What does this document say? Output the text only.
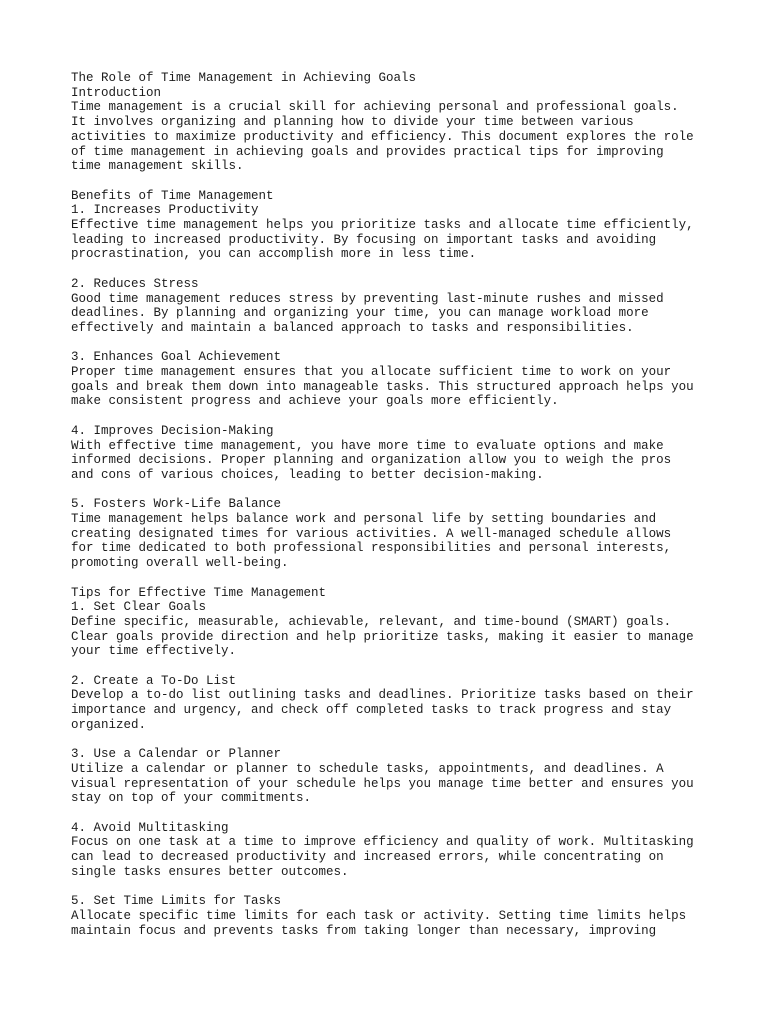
The Role of Time Management in Achieving Goals
Introduction
Time management is a crucial skill for achieving personal and professional goals.
It involves organizing and planning how to divide your time between various
activities to maximize productivity and efficiency. This document explores the role
of time management in achieving goals and provides practical tips for improving
time management skills.
Benefits of Time Management
1. Increases Productivity
Effective time management helps you prioritize tasks and allocate time efficiently,
leading to increased productivity. By focusing on important tasks and avoiding
procrastination, you can accomplish more in less time.
2. Reduces Stress
Good time management reduces stress by preventing last-minute rushes and missed
deadlines. By planning and organizing your time, you can manage workload more
effectively and maintain a balanced approach to tasks and responsibilities.
3. Enhances Goal Achievement
Proper time management ensures that you allocate sufficient time to work on your
goals and break them down into manageable tasks. This structured approach helps you
make consistent progress and achieve your goals more efficiently.
4. Improves Decision-Making
With effective time management, you have more time to evaluate options and make
informed decisions. Proper planning and organization allow you to weigh the pros
and cons of various choices, leading to better decision-making.
5. Fosters Work-Life Balance
Time management helps balance work and personal life by setting boundaries and
creating designated times for various activities. A well-managed schedule allows
for time dedicated to both professional responsibilities and personal interests,
promoting overall well-being.
Tips for Effective Time Management
1. Set Clear Goals
Define specific, measurable, achievable, relevant, and time-bound (SMART) goals.
Clear goals provide direction and help prioritize tasks, making it easier to manage
your time effectively.
2. Create a To-Do List
Develop a to-do list outlining tasks and deadlines. Prioritize tasks based on their
importance and urgency, and check off completed tasks to track progress and stay
organized.
3. Use a Calendar or Planner
Utilize a calendar or planner to schedule tasks, appointments, and deadlines. A
visual representation of your schedule helps you manage time better and ensures you
stay on top of your commitments.
4. Avoid Multitasking
Focus on one task at a time to improve efficiency and quality of work. Multitasking
can lead to decreased productivity and increased errors, while concentrating on
single tasks ensures better outcomes.
5. Set Time Limits for Tasks
Allocate specific time limits for each task or activity. Setting time limits helps
maintain focus and prevents tasks from taking longer than necessary, improving
